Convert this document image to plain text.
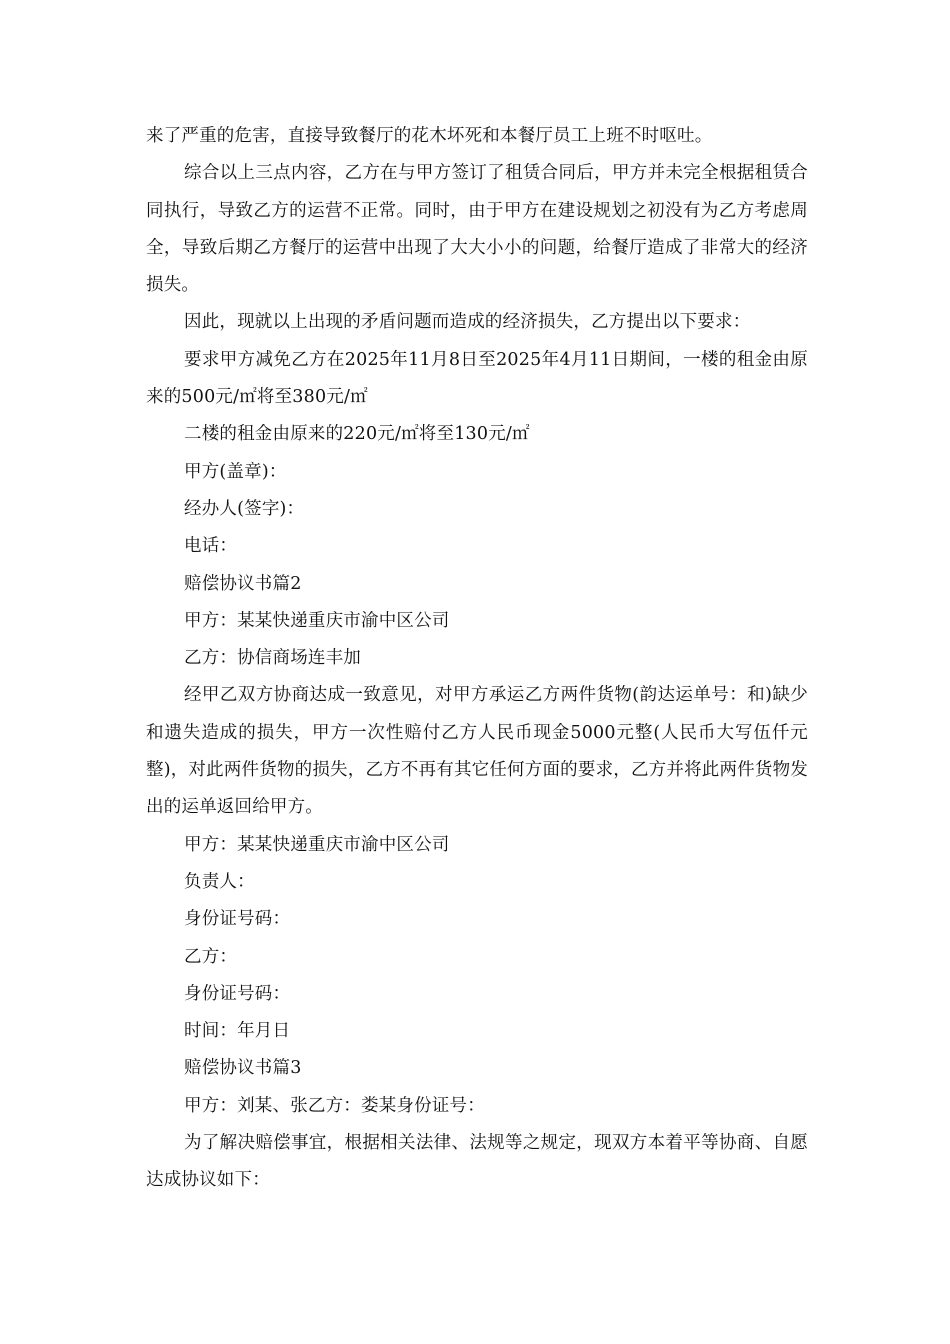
来了严重的危害，直接导致餐厅的花木坏死和本餐厅员工上班不时呕吐。

综合以上三点内容，乙方在与甲方签订了租赁合同后，甲方并未完全根据租赁合同执行，导致乙方的运营不正常。同时，由于甲方在建设规划之初没有为乙方考虑周全，导致后期乙方餐厅的运营中出现了大大小小的问题，给餐厅造成了非常大的经济损失。

因此，现就以上出现的矛盾问题而造成的经济损失，乙方提出以下要求：

要求甲方减免乙方在2025年11月8日至2025年4月11日期间，一楼的租金由原来的500元/㎡将至380元/㎡

二楼的租金由原来的220元/㎡将至130元/㎡

甲方(盖章)：

经办人(签字)：

电话：

赔偿协议书篇2

甲方：某某快递重庆市渝中区公司

乙方：协信商场连丰加

经甲乙双方协商达成一致意见，对甲方承运乙方两件货物(韵达运单号：和)缺少和遗失造成的损失，甲方一次性赔付乙方人民币现金5000元整(人民币大写伍仟元整)，对此两件货物的损失，乙方不再有其它任何方面的要求，乙方并将此两件货物发出的运单返回给甲方。

甲方：某某快递重庆市渝中区公司

负责人：

身份证号码：

乙方：

身份证号码：

时间：年月日

赔偿协议书篇3

甲方：刘某、张乙方：娄某身份证号：

为了解决赔偿事宜，根据相关法律、法规等之规定，现双方本着平等协商、自愿达成协议如下：
